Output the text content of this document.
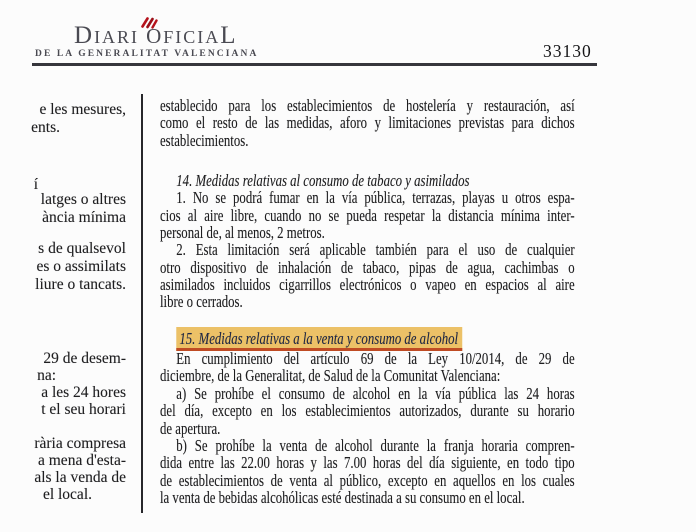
DIARI OFICIAL
DE LA GENERALITAT VALENCIANA	33130
e les mesures,
ents.
í
latges o altres
ància mínima
s de qualsevol
es o assimilats
liure o tancats.
29 de desem-
na:
a les 24 hores
t el seu horari
rària compresa
a mena d'esta-
als la venda de
el local.
establecido para los establecimientos de hostelería y restauración, así
como el resto de las medidas, aforo y limitaciones previstas para dichos
establecimientos.
14. Medidas relativas al consumo de tabaco y asimilados
1. No se podrá fumar en la vía pública, terrazas, playas u otros espa-
cios al aire libre, cuando no se pueda respetar la distancia mínima inter-
personal de, al menos, 2 metros.
2. Esta limitación será aplicable también para el uso de cualquier
otro dispositivo de inhalación de tabaco, pipas de agua, cachimbas o
asimilados incluidos cigarrillos electrónicos o vapeo en espacios al aire
libre o cerrados.
15. Medidas relativas a la venta y consumo de alcohol
En cumplimiento del artículo 69 de la Ley 10/2014, de 29 de
diciembre, de la Generalitat, de Salud de la Comunitat Valenciana:
a) Se prohíbe el consumo de alcohol en la vía pública las 24 horas
del día, excepto en los establecimientos autorizados, durante su horario
de apertura.
b) Se prohíbe la venta de alcohol durante la franja horaria compren-
dida entre las 22.00 horas y las 7.00 horas del día siguiente, en todo tipo
de establecimientos de venta al público, excepto en aquellos en los cuales
la venta de bebidas alcohólicas esté destinada a su consumo en el local.
